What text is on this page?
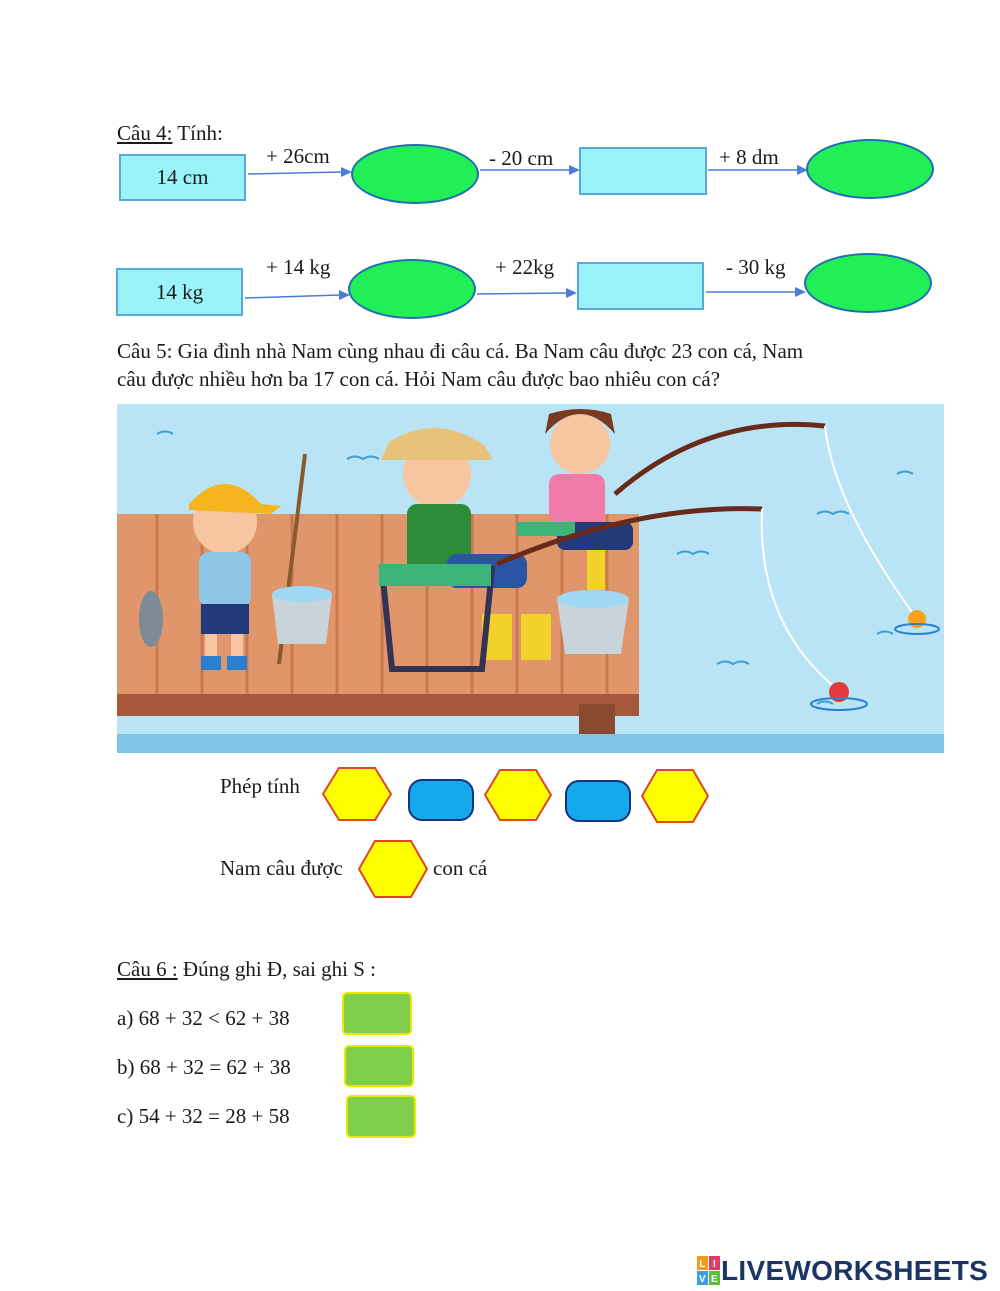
Câu 4: Tính:
14 cm
+ 26cm	- 20 cm	+ 8 dm
14 kg
+ 14 kg	+ 22kg	- 30 kg
Câu 5: Gia đình nhà Nam cùng nhau đi câu cá. Ba Nam câu được 23 con cá, Nam
câu được nhiều hơn ba 17 con cá. Hỏi Nam câu được bao nhiêu con cá?
Phép tính
Nam câu được	con cá
Câu 6 : Đúng ghi Đ, sai ghi S :
a) 68 + 32 < 62 + 38
b) 68 + 32 = 62 + 38
c) 54 + 32 = 28 + 58
L I
V E LIVEWORKSHEETS
